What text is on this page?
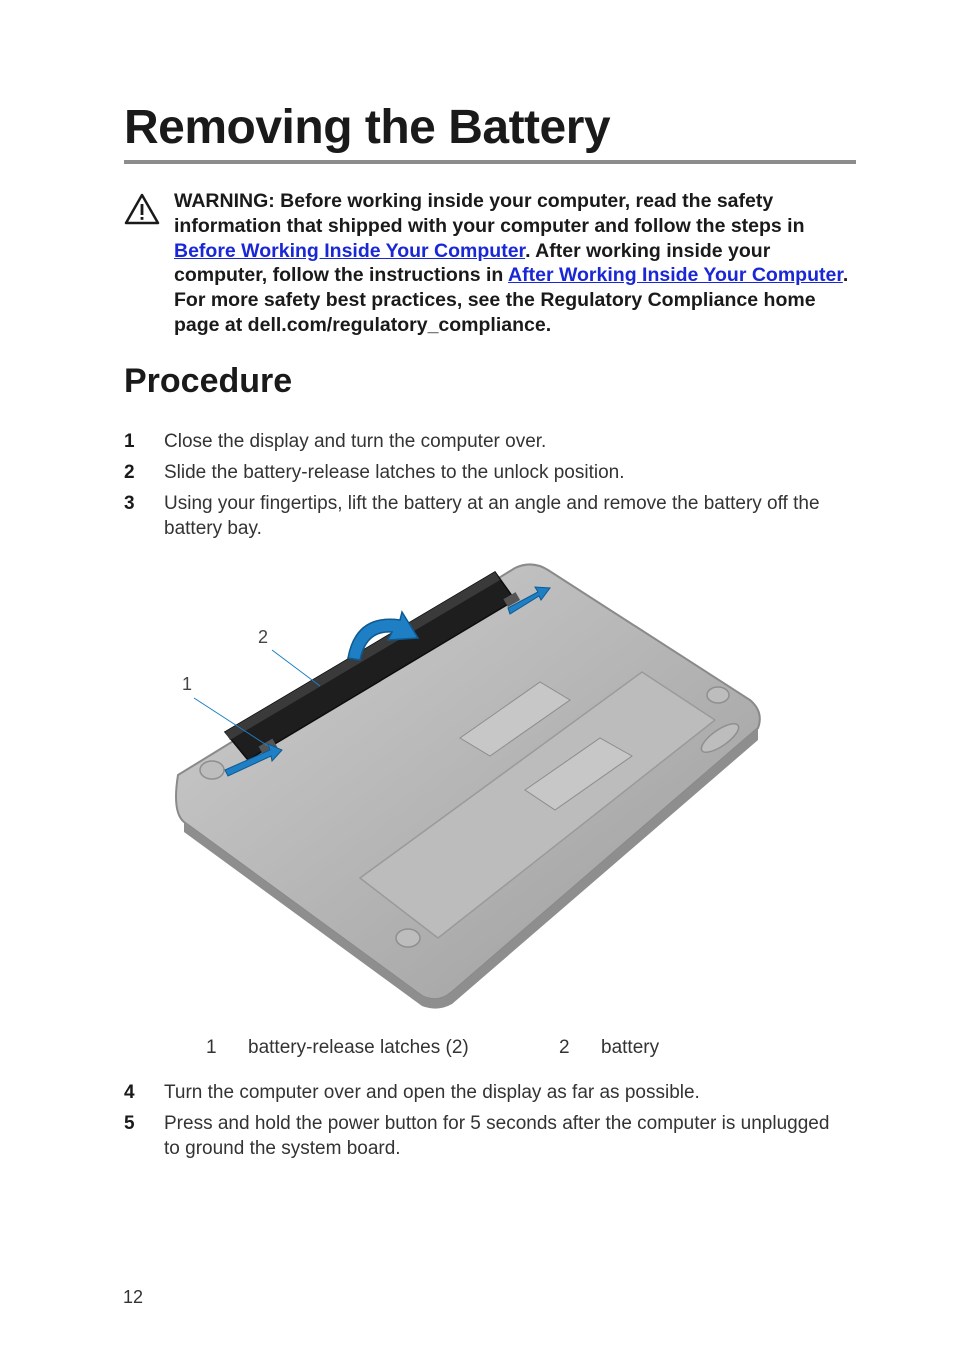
Removing the Battery
WARNING: Before working inside your computer, read the safety information that shipped with your computer and follow the steps in Before Working Inside Your Computer. After working inside your computer, follow the instructions in After Working Inside Your Computer. For more safety best practices, see the Regulatory Compliance home page at dell.com/regulatory_compliance.
Procedure
1 Close the display and turn the computer over.
2 Slide the battery-release latches to the unlock position.
3 Using your fingertips, lift the battery at an angle and remove the battery off the battery bay.
2
1
1 battery-release latches (2)	2 battery
4 Turn the computer over and open the display as far as possible.
5 Press and hold the power button for 5 seconds after the computer is unplugged to ground the system board.
12
